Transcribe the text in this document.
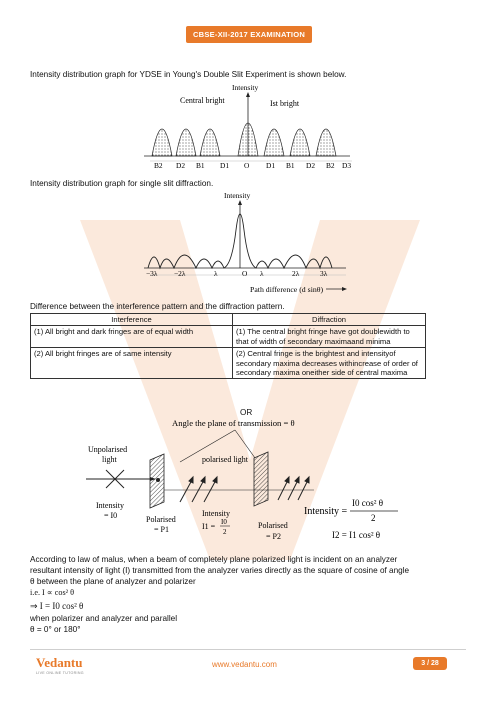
CBSE-XII-2017 EXAMINATION
Intensity distribution graph for YDSE in Young's Double Slit Experiment is shown below.
Intensity
Central bright	Ist bright
B2 D2 B1 D1 O D1 B1 D2 B2 D3
Intensity distribution graph for single slit diffraction.
Intensity
−3λ −2λ	λ	O λ	2λ	3λ
Path difference (d sinθ)
Difference between the interference pattern and the diffraction pattern.
Interference	Diffraction
(1) All bright and dark fringes are of equal width	(1) The central bright fringe have got doublewidth to that of width of secondary maximaand minima
(2) All bright fringes are of same intensity	(2) Central fringe is the brightest and intensityof secondary maxima decreases withincrease of order of secondary maxima oneither side of central maxima
OR
Angle the plane of transmission = θ
Unpolarised
light	polarised light
Intensity
= I0	Polarised
= P1
Intensity
I1 = I0
2
Polarised
= P2
Intensity =
I0 cos² θ
2
I2 = I1 cos² θ
According to law of malus, when a beam of completely plane polarized light is incident on an analyzer
resultant intensity of light (I) transmitted from the analyzer varies directly as the square of cosine of angle
θ between the plane of analyzer and polarizer
i.e. I ∝ cos² θ
⇒ I = I0 cos² θ
when polarizer and analyzer and parallel
θ = 0° or 180°
Vedantu
LIVE ONLINE TUTORING
www.vedantu.com	3 / 28
